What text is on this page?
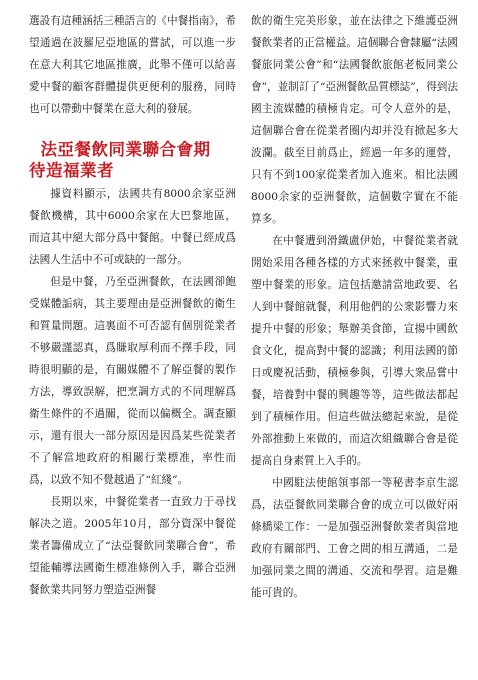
選設有這種涵括三種語言的《中餐指南》，希望通過在波羅尼亞地區的嘗試，可以進一步在意大利其它地區推廣，此舉不僅可以給喜愛中餐的顧客群體提供更便利的服務，同時也可以帶動中餐業在意大利的發展。

法亞餐飲同業聯合會期
待造福業者

據資料顯示，法國共有8000余家亞洲餐飲機構，其中6000余家在大巴黎地區，而這其中絕大部分爲中餐館。中餐已經成爲法國人生活中不可或缺的一部分。

但是中餐，乃至亞洲餐飲，在法國卻飽受媒體詬病，其主要理由是亞洲餐飲的衛生和質量問題。這裏面不可否認有個別從業者不够嚴謹認真，爲賺取厚利而不擇手段，同時很明顯的是，有關媒體不了解亞餐的製作方法，導致誤解，把烹調方式的不同理解爲衛生條件的不過關，從而以偏概全。調查顯示，還有很大一部分原因是因爲某些從業者不了解當地政府的相關行業標准，率性而爲，以致不知不覺越過了“紅綫”。

長期以來，中餐從業者一直致力于尋找解决之道。2005年10月，部分資深中餐從業者籌備成立了“法亞餐飲同業聯合會”，希望能輔導法國衛生標准條例入手，聯合亞洲餐飲業共同努力塑造亞洲餐

飲的衛生完美形象，並在法律之下維護亞洲餐飲業者的正當權益。這個聯合會隸屬“法國餐旅同業公會”和“法國餐飲旅館老板同業公會”，並制訂了“亞洲餐飲品質標誌”，得到法國主流媒體的積極肯定。可令人意外的是，這個聯合會在從業者圈内却并没有掀起多大波瀾。截至目前爲止，經過一年多的運營，只有不到100家從業者加入進來。相比法國8000余家的亞洲餐飲，這個數字實在不能算多。

在中餐遭到滑鐵盧伊始，中餐從業者就開始采用各種各樣的方式來拯救中餐業，重塑中餐業的形象。這包括邀請當地政要、名人到中餐館就餐，利用他們的公衆影響力來提升中餐的形象；舉辦美食節，宣揚中國飲食文化，提高對中餐的認識；利用法國的節日或慶祝活動，積極參與，引導大衆品嘗中餐，培養對中餐的興趣等等，這些做法都起到了積極作用。但這些做法總起來說，是從外部推動上來做的，而這次組織聯合會是從提高自身素質上入手的。

中國駐法使館領事部一等秘書李京生認爲，法亞餐飲同業聯合會的成立可以做好兩條橋梁工作：一是加强亞洲餐飲業者與當地政府有關部門、工會之間的相互溝通，二是加强同業之間的溝通、交流和學習。這是難能可貴的。
